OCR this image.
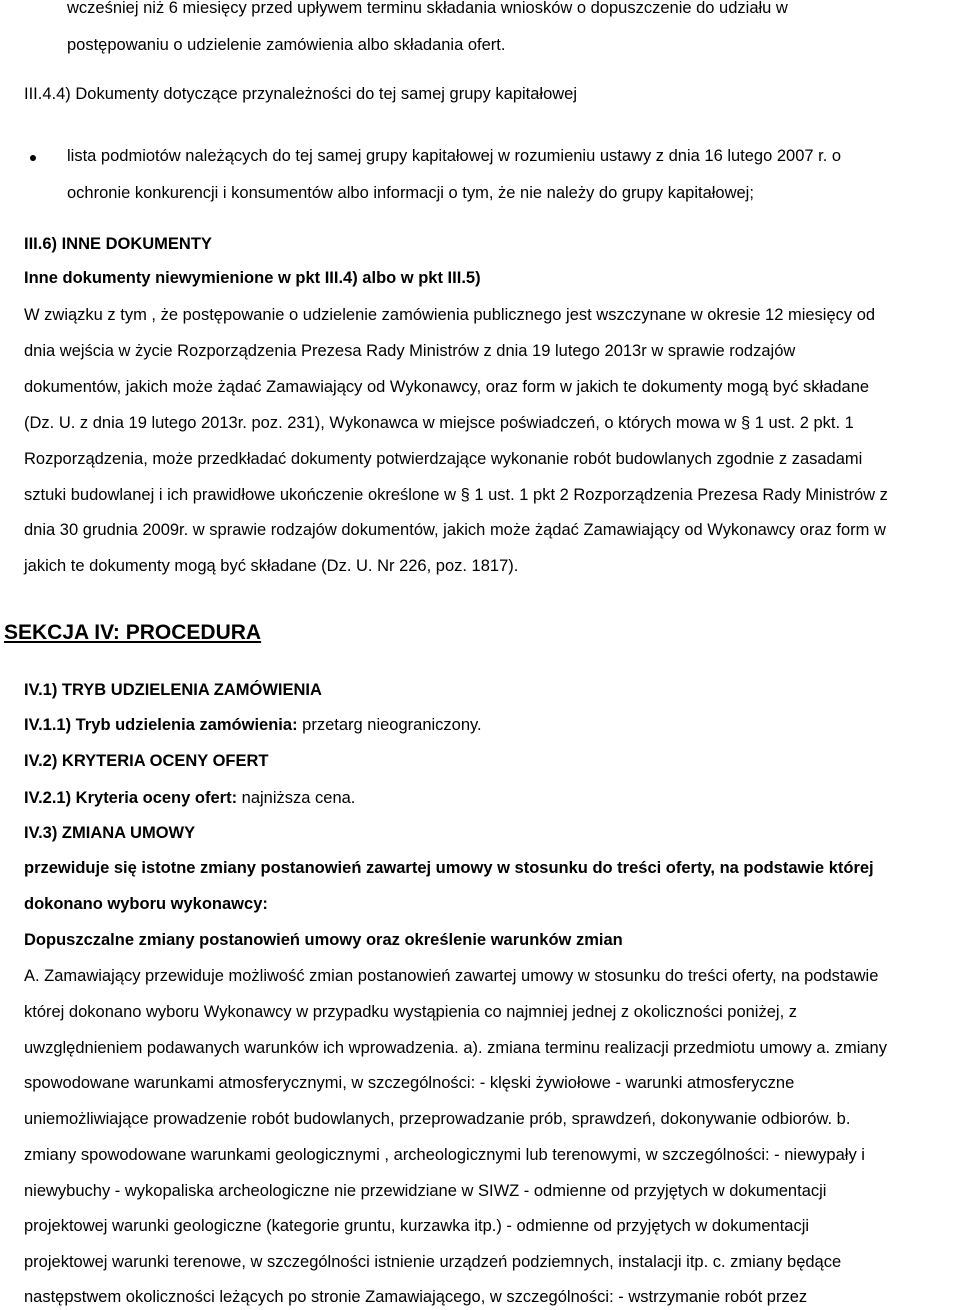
wcześniej niż 6 miesięcy przed upływem terminu składania wniosków o dopuszczenie do udziału w
postępowaniu o udzielenie zamówienia albo składania ofert.
III.4.4) Dokumenty dotyczące przynależności do tej samej grupy kapitałowej
lista podmiotów należących do tej samej grupy kapitałowej w rozumieniu ustawy z dnia 16 lutego 2007 r. o
ochronie konkurencji i konsumentów albo informacji o tym, że nie należy do grupy kapitałowej;
III.6) INNE DOKUMENTY
Inne dokumenty niewymienione w pkt III.4) albo w pkt III.5)
W związku z tym , że postępowanie o udzielenie zamówienia publicznego jest wszczynane w okresie 12 miesięcy od
dnia wejścia w życie Rozporządzenia Prezesa Rady Ministrów z dnia 19 lutego 2013r w sprawie rodzajów
dokumentów, jakich może żądać Zamawiający od Wykonawcy, oraz form w jakich te dokumenty mogą być składane
(Dz. U. z dnia 19 lutego 2013r. poz. 231), Wykonawca w miejsce poświadczeń, o których mowa w § 1 ust. 2 pkt. 1
Rozporządzenia, może przedkładać dokumenty potwierdzające wykonanie robót budowlanych zgodnie z zasadami
sztuki budowlanej i ich prawidłowe ukończenie określone w § 1 ust. 1 pkt 2 Rozporządzenia Prezesa Rady Ministrów z
dnia 30 grudnia 2009r. w sprawie rodzajów dokumentów, jakich może żądać Zamawiający od Wykonawcy oraz form w
jakich te dokumenty mogą być składane (Dz. U. Nr 226, poz. 1817).
SEKCJA IV: PROCEDURA
IV.1) TRYB UDZIELENIA ZAMÓWIENIA
IV.1.1) Tryb udzielenia zamówienia: przetarg nieograniczony.
IV.2) KRYTERIA OCENY OFERT
IV.2.1) Kryteria oceny ofert: najniższa cena.
IV.3) ZMIANA UMOWY
przewiduje się istotne zmiany postanowień zawartej umowy w stosunku do treści oferty, na podstawie której
dokonano wyboru wykonawcy:
Dopuszczalne zmiany postanowień umowy oraz określenie warunków zmian
A. Zamawiający przewiduje możliwość zmian postanowień zawartej umowy w stosunku do treści oferty, na podstawie
której dokonano wyboru Wykonawcy w przypadku wystąpienia co najmniej jednej z okoliczności poniżej, z
uwzględnieniem podawanych warunków ich wprowadzenia. a). zmiana terminu realizacji przedmiotu umowy a. zmiany
spowodowane warunkami atmosferycznymi, w szczególności: - klęski żywiołowe - warunki atmosferyczne
uniemożliwiające prowadzenie robót budowlanych, przeprowadzanie prób, sprawdzeń, dokonywanie odbiorów. b.
zmiany spowodowane warunkami geologicznymi , archeologicznymi lub terenowymi, w szczególności: - niewypały i
niewybuchy - wykopaliska archeologiczne nie przewidziane w SIWZ - odmienne od przyjętych w dokumentacji
projektowej warunki geologiczne (kategorie gruntu, kurzawka itp.) - odmienne od przyjętych w dokumentacji
projektowej warunki terenowe, w szczególności istnienie urządzeń podziemnych, instalacji itp. c. zmiany będące
następstwem okoliczności leżących po stronie Zamawiającego, w szczególności: - wstrzymanie robót przez
